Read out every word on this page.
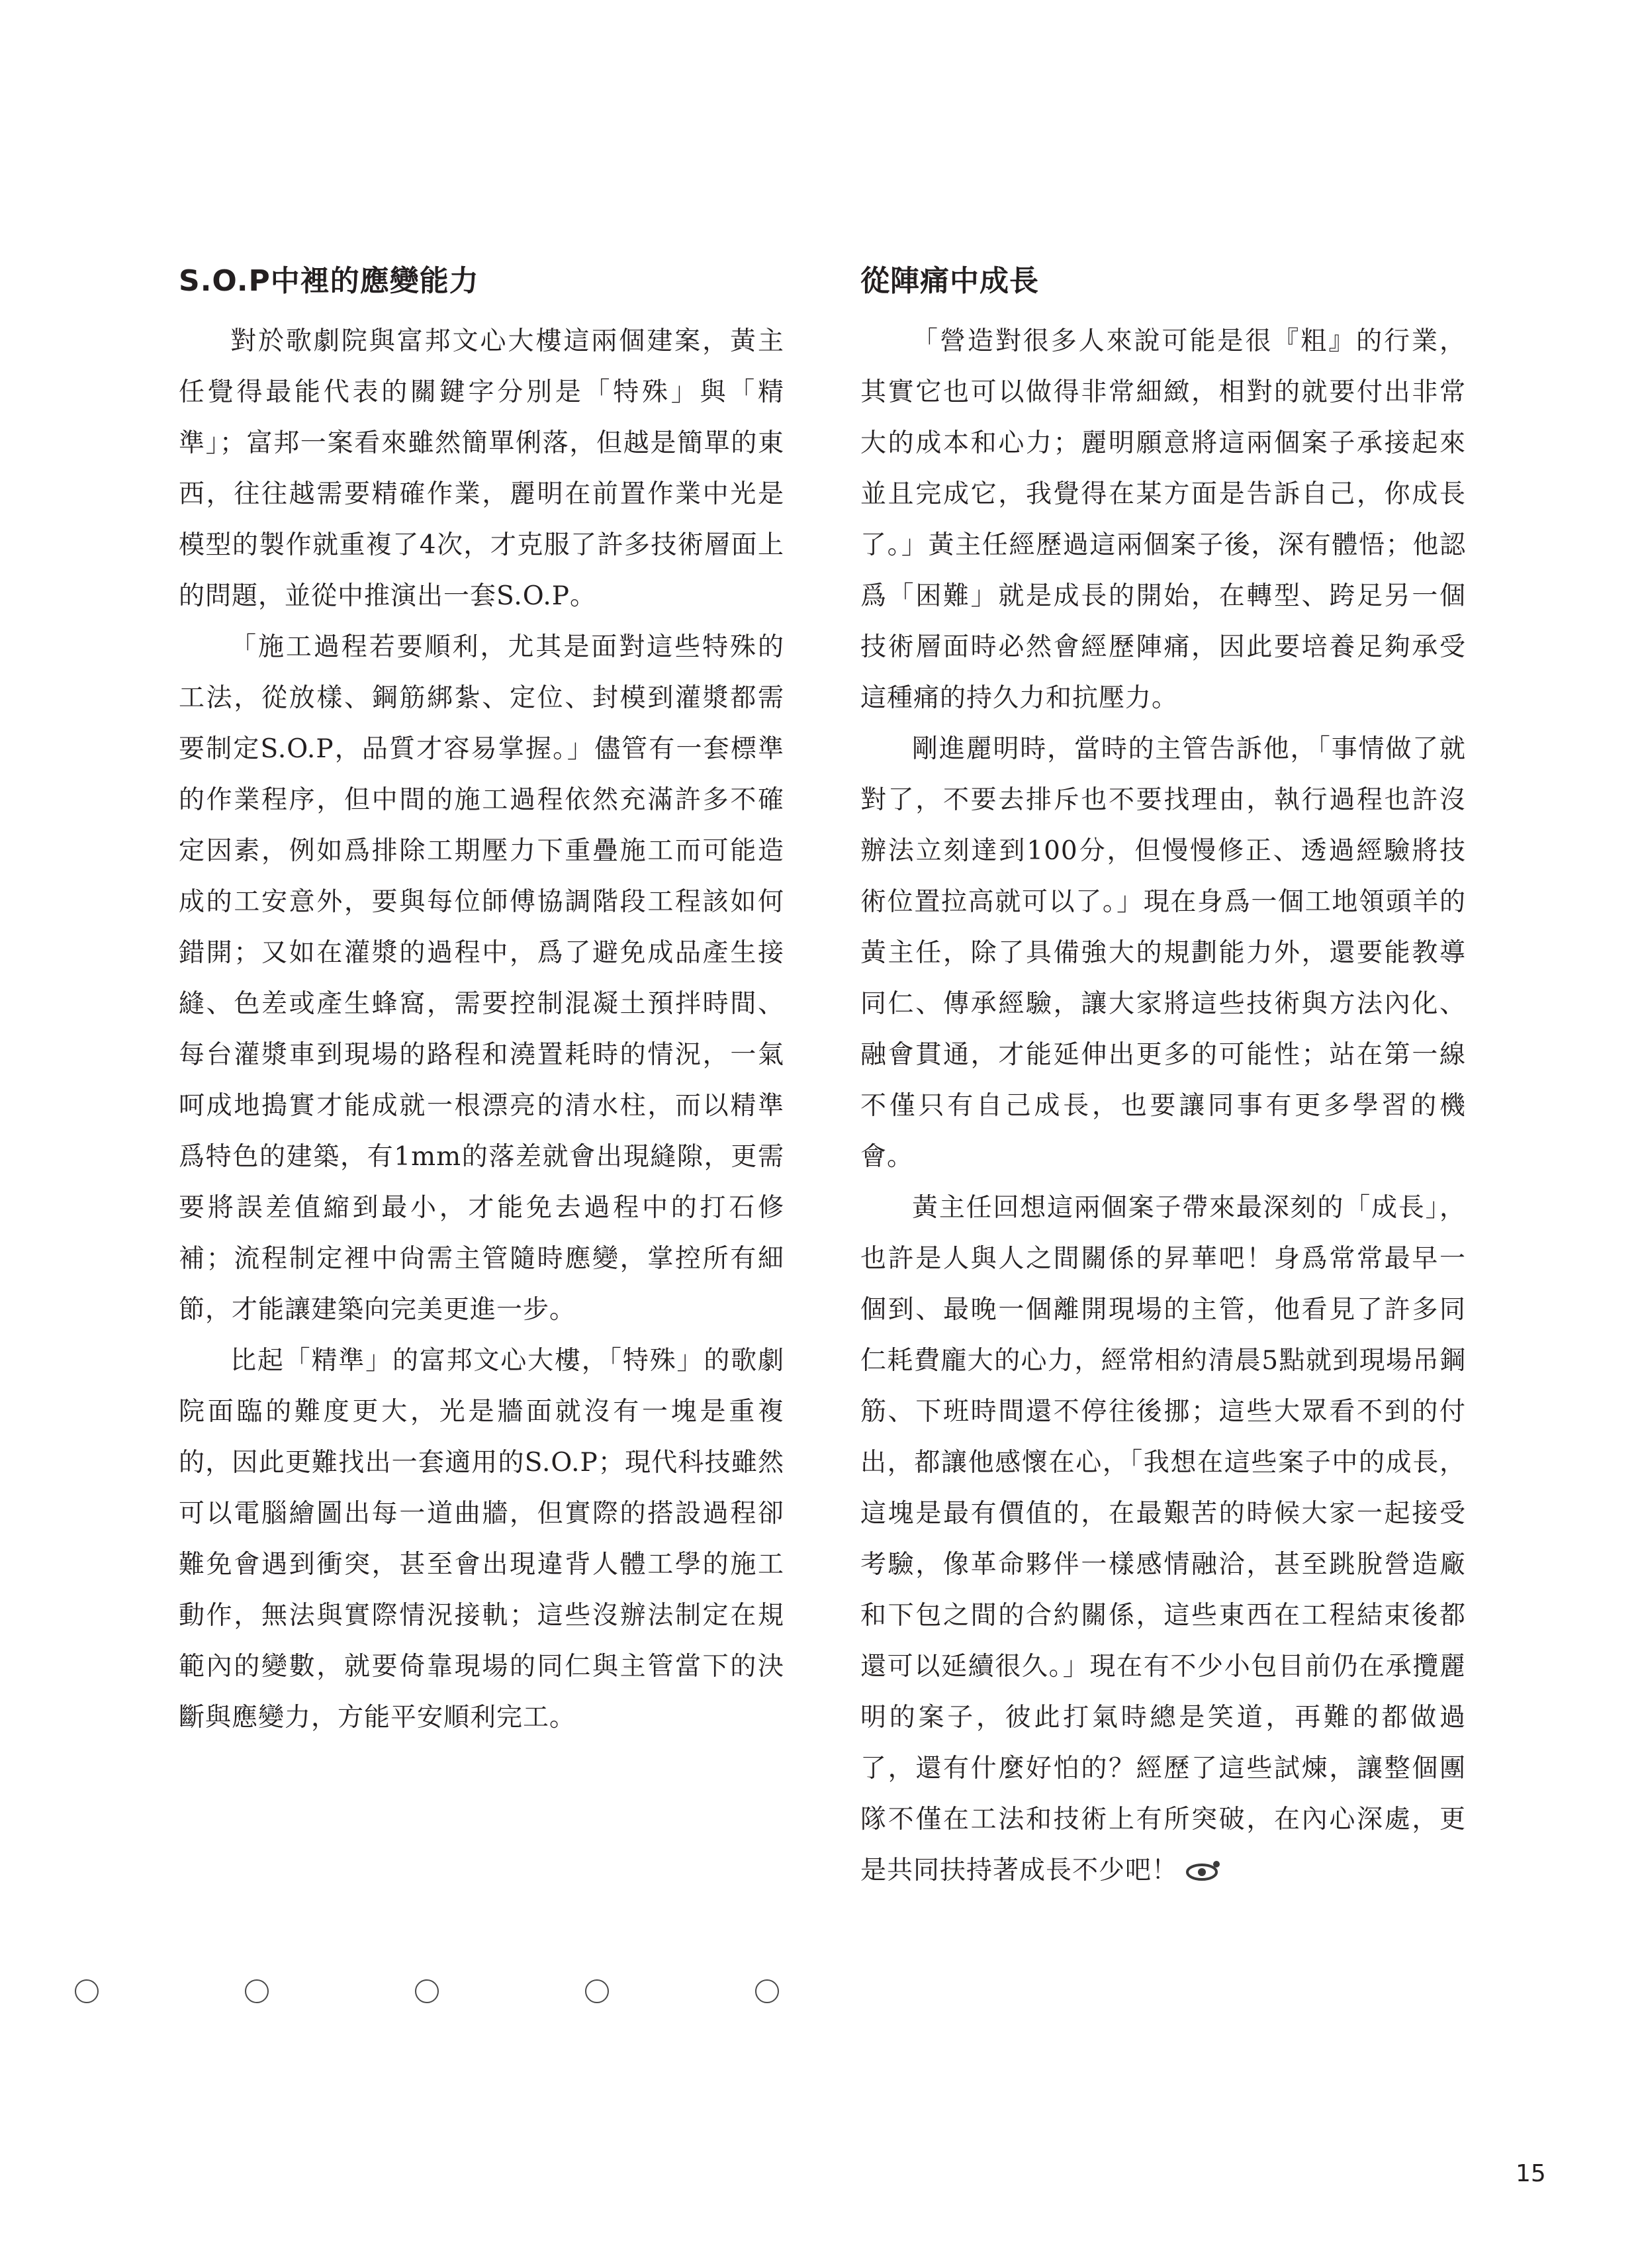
S.O.P中裡的應變能力

對於歌劇院與富邦文心大樓這兩個建案，黃主任覺得最能代表的關鍵字分別是「特殊」與「精準」；富邦一案看來雖然簡單俐落，但越是簡單的東西，往往越需要精確作業，麗明在前置作業中光是模型的製作就重複了4次，才克服了許多技術層面上的問題，並從中推演出一套S.O.P。

「施工過程若要順利，尤其是面對這些特殊的工法，從放樣、鋼筋綁紮、定位、封模到灌漿都需要制定S.O.P，品質才容易掌握。」儘管有一套標準的作業程序，但中間的施工過程依然充滿許多不確定因素，例如爲排除工期壓力下重疊施工而可能造成的工安意外，要與每位師傅協調階段工程該如何錯開；又如在灌漿的過程中，爲了避免成品產生接縫、色差或產生蜂窩，需要控制混凝土預拌時間、每台灌漿車到現場的路程和澆置耗時的情況，一氣呵成地搗實才能成就一根漂亮的清水柱，而以精準爲特色的建築，有1mm的落差就會出現縫隙，更需要將誤差值縮到最小，才能免去過程中的打石修補；流程制定裡中尙需主管隨時應變，掌控所有細節，才能讓建築向完美更進一步。

比起「精準」的富邦文心大樓，「特殊」的歌劇院面臨的難度更大，光是牆面就沒有一塊是重複的，因此更難找出一套適用的S.O.P；現代科技雖然可以電腦繪圖出每一道曲牆，但實際的搭設過程卻難免會遇到衝突，甚至會出現違背人體工學的施工動作，無法與實際情況接軌；這些沒辦法制定在規範內的變數，就要倚靠現場的同仁與主管當下的決斷與應變力，方能平安順利完工。

從陣痛中成長

「營造對很多人來說可能是很『粗』的行業，其實它也可以做得非常細緻，相對的就要付出非常大的成本和心力；麗明願意將這兩個案子承接起來並且完成它，我覺得在某方面是告訴自己，你成長了。」黃主任經歷過這兩個案子後，深有體悟；他認爲「困難」就是成長的開始，在轉型、跨足另一個技術層面時必然會經歷陣痛，因此要培養足夠承受這種痛的持久力和抗壓力。

剛進麗明時，當時的主管告訴他，「事情做了就對了，不要去排斥也不要找理由，執行過程也許沒辦法立刻達到100分，但慢慢修正、透過經驗將技術位置拉高就可以了。」現在身爲一個工地領頭羊的黃主任，除了具備強大的規劃能力外，還要能教導同仁、傳承經驗，讓大家將這些技術與方法內化、融會貫通，才能延伸出更多的可能性；站在第一線不僅只有自己成長，也要讓同事有更多學習的機會。

黃主任回想這兩個案子帶來最深刻的「成長」，也許是人與人之間關係的昇華吧！身爲常常最早一個到、最晚一個離開現場的主管，他看見了許多同仁耗費龐大的心力，經常相約清晨5點就到現場吊鋼筋、下班時間還不停往後挪；這些大眾看不到的付出，都讓他感懷在心，「我想在這些案子中的成長，這塊是最有價值的，在最艱苦的時候大家一起接受考驗，像革命夥伴一樣感情融洽，甚至跳脫營造廠和下包之間的合約關係，這些東西在工程結束後都還可以延續很久。」現在有不少小包目前仍在承攬麗明的案子，彼此打氣時總是笑道，再難的都做過了，還有什麼好怕的？經歷了這些試煉，讓整個團隊不僅在工法和技術上有所突破，在內心深處，更是共同扶持著成長不少吧！

15
